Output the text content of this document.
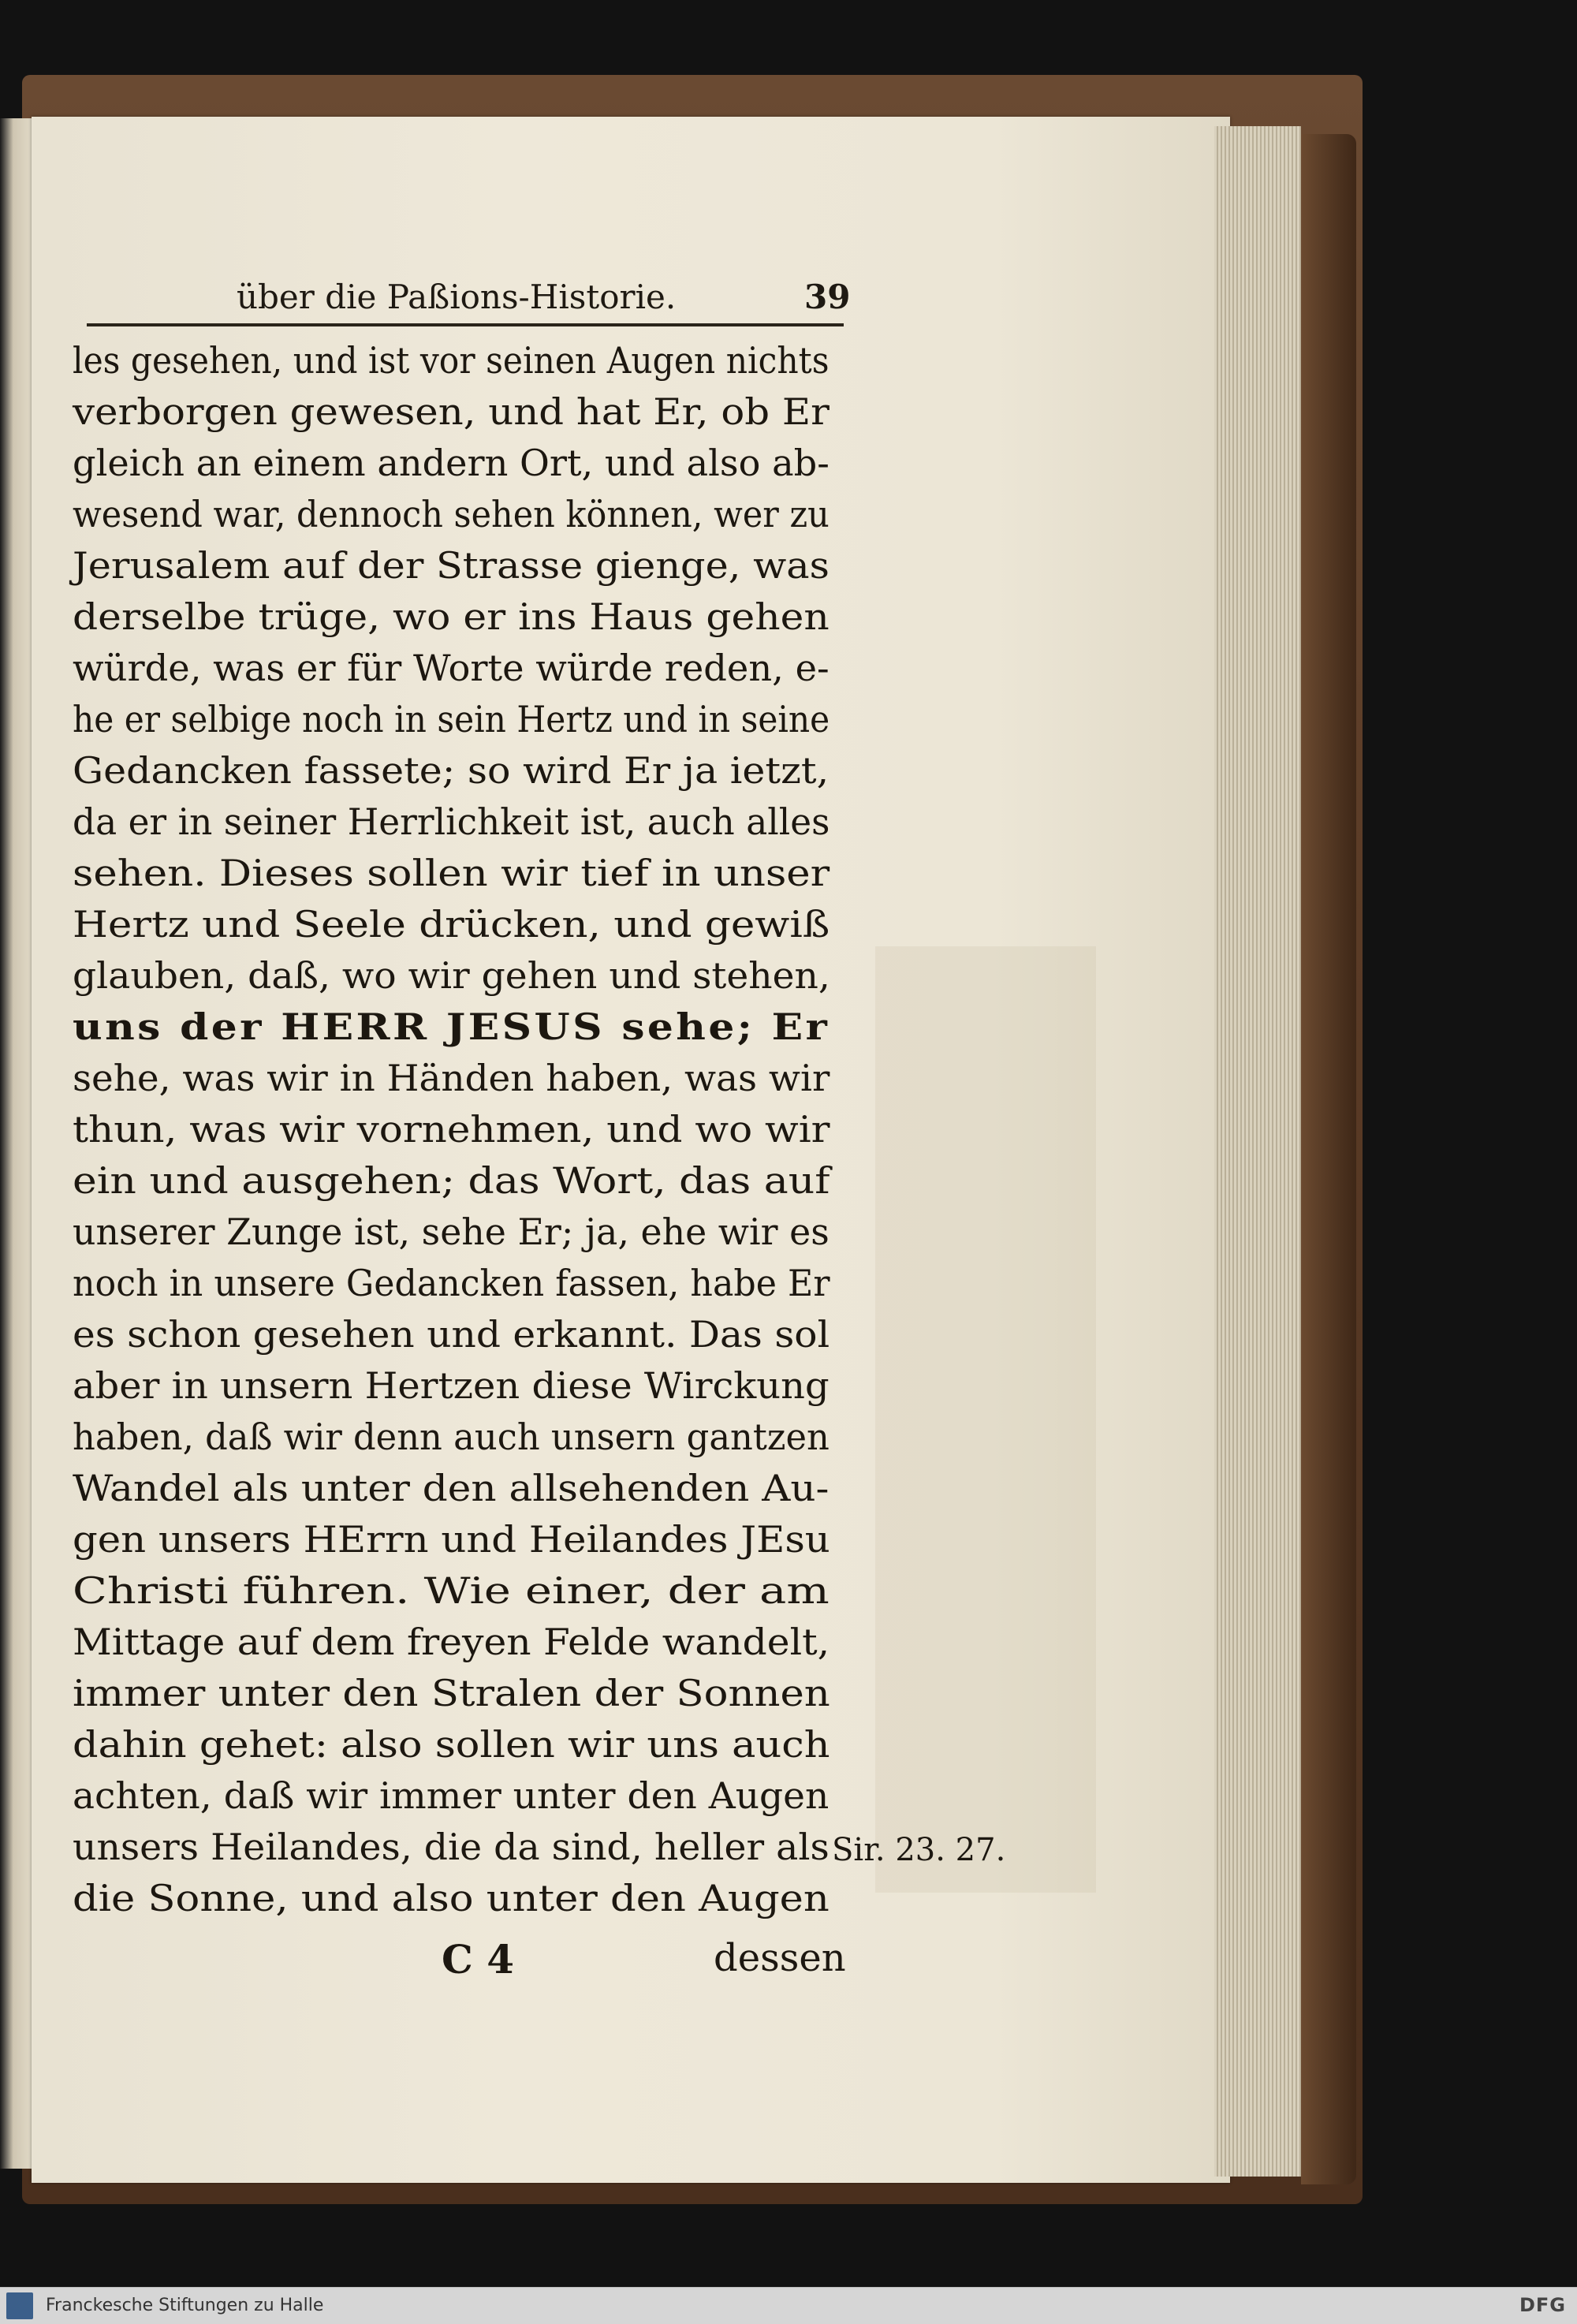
über die Paßions-Historie.	39
les gesehen, und ist vor seinen Augen nichts
verborgen gewesen, und hat Er, ob Er
gleich an einem andern Ort, und also ab-
wesend war, dennoch sehen können, wer zu
Jerusalem auf der Strasse gienge, was
derselbe trüge, wo er ins Haus gehen
würde, was er für Worte würde reden, e-
he er selbige noch in sein Hertz und in seine
Gedancken fassete; so wird Er ja ietzt,
da er in seiner Herrlichkeit ist, auch alles
sehen. Dieses sollen wir tief in unser
Hertz und Seele drücken, und gewiß
glauben, daß, wo wir gehen und stehen,
uns der HERR JESUS sehe; Er
sehe, was wir in Händen haben, was wir
thun, was wir vornehmen, und wo wir
ein und ausgehen; das Wort, das auf
unserer Zunge ist, sehe Er; ja, ehe wir es
noch in unsere Gedancken fassen, habe Er
es schon gesehen und erkannt. Das sol
aber in unsern Hertzen diese Wirckung
haben, daß wir denn auch unsern gantzen
Wandel als unter den allsehenden Au-
gen unsers HErrn und Heilandes JEsu
Christi führen. Wie einer, der am
Mittage auf dem freyen Felde wandelt,
immer unter den Stralen der Sonnen
dahin gehet: also sollen wir uns auch
achten, daß wir immer unter den Augen
unsers Heilandes, die da sind, heller als
die Sonne, und also unter den Augen
Sir. 23. 27.
C 4	dessen
Franckesche Stiftungen zu Halle	DFG
